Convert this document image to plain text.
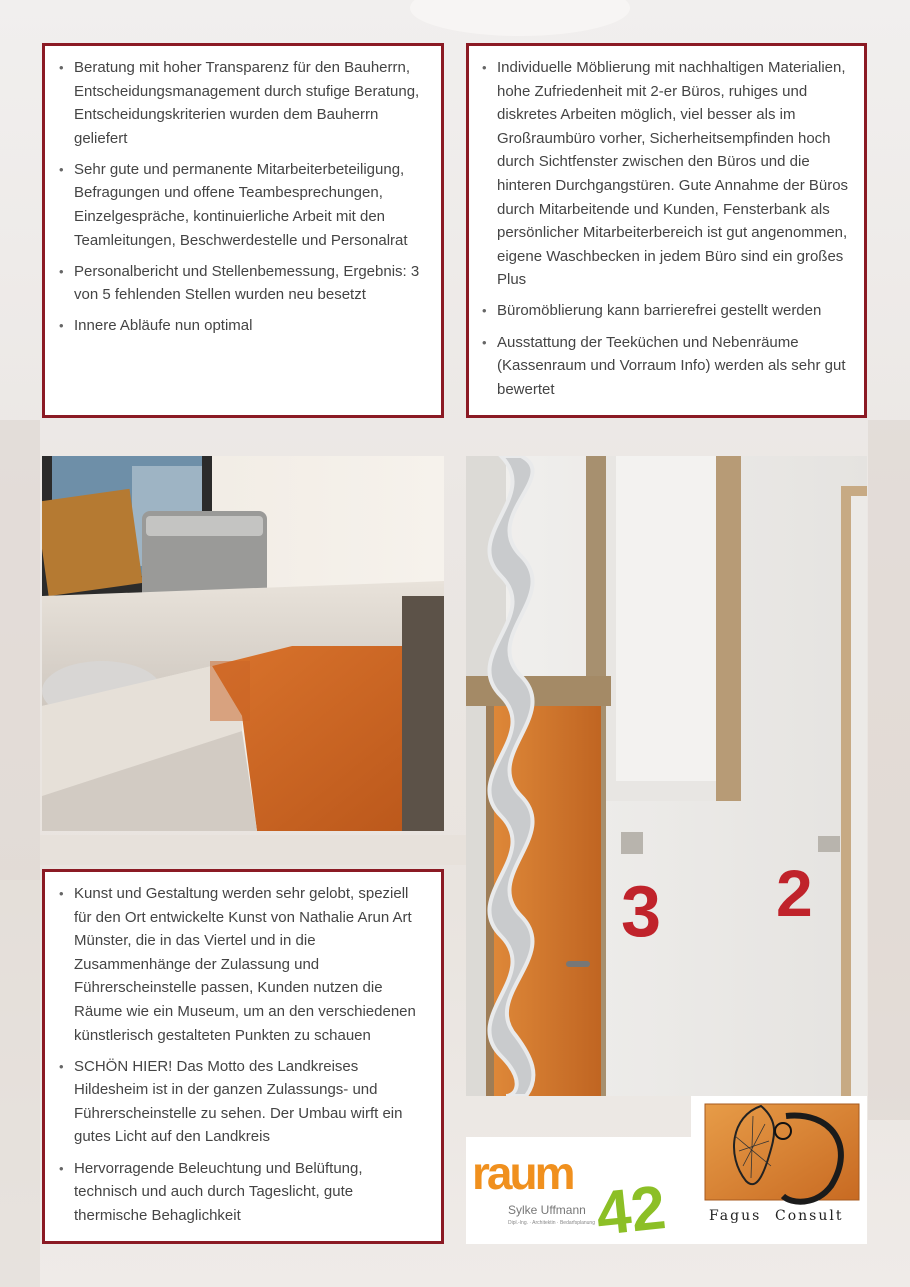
• Beratung mit hoher Transparenz für den Bauherrn, Entscheidungsmanagement durch stufige Beratung, Entscheidungskriterien wurden dem Bauherrn geliefert
• Sehr gute und permanente Mitarbeiterbeteiligung, Befragungen und offene Teambesprechungen, Einzelgespräche, kontinuierliche Arbeit mit den Teamleitungen, Beschwerdestelle und Personalrat
• Personalbericht und Stellenbemessung, Ergebnis: 3 von 5 fehlenden Stellen wurden neu besetzt
• Innere Abläufe nun optimal
• Individuelle Möblierung mit nachhaltigen Materialien, hohe Zufriedenheit mit 2-er Büros, ruhiges und diskretes Arbeiten möglich, viel besser als im Großraumbüro vorher, Sicherheitsempfinden hoch durch Sichtfenster zwischen den Büros und die hinteren Durchgangstüren. Gute Annahme der Büros durch Mitarbeitende und Kunden, Fensterbank als persönlicher Mitarbeiterbereich ist gut angenommen, eigene Waschbecken in jedem Büro sind ein großes Plus
• Büromöblierung kann barrierefrei gestellt werden
• Ausstattung der Teeküchen und Nebenräume (Kassenraum und Vorraum Info) werden als sehr gut bewertet
3 2
• Kunst und Gestaltung werden sehr gelobt, speziell für den Ort entwickelte Kunst von Nathalie Arun Art Münster, die in das Viertel und in die Zusammenhänge der Zulassung und Führerscheinstelle passen, Kunden nutzen die Räume wie ein Museum, um an den verschiedenen künstlerisch gestalteten Punkten zu schauen
• SCHÖN HIER! Das Motto des Landkreises Hildesheim ist in der ganzen Zulassungs- und Führerscheinstelle zu sehen. Der Umbau wirft ein gutes Licht auf den Landkreis
• Hervorragende Beleuchtung und Belüftung, technisch und auch durch Tageslicht, gute thermische Behaglichkeit
raum
42
Sylke Uffmann
Dipl.-Ing. · Architektin · Bedarfsplanung	Fagus Consult
